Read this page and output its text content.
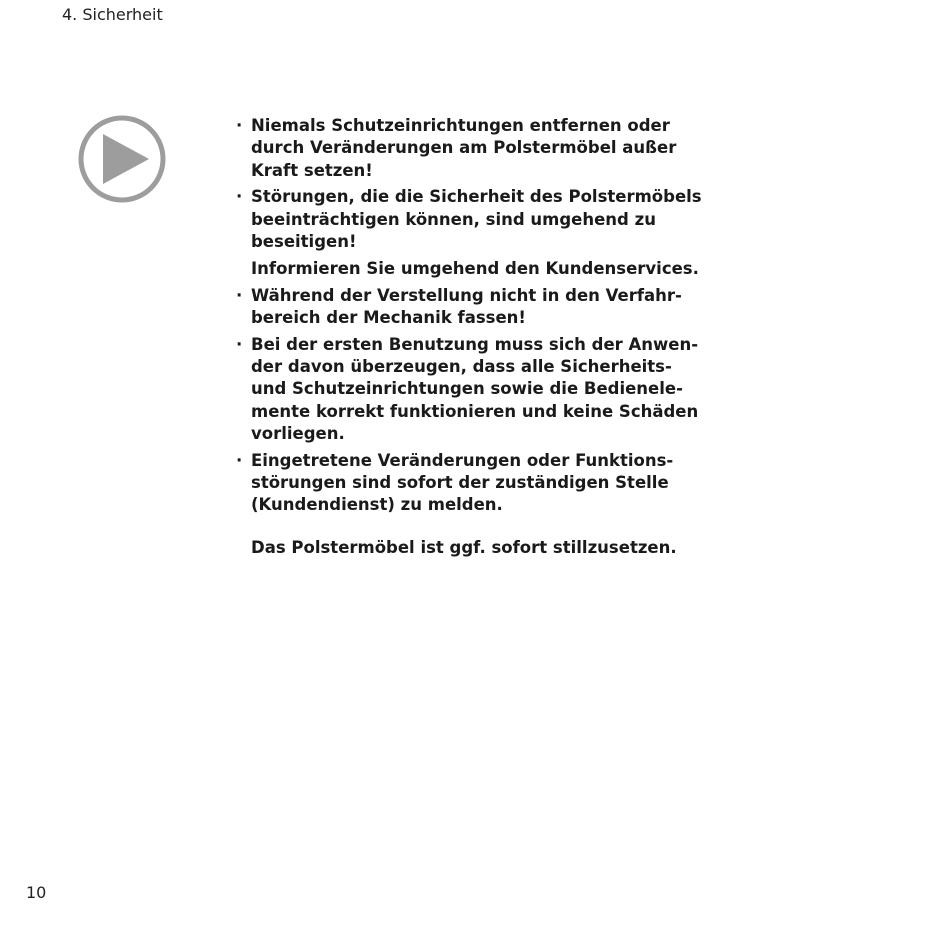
4. Sicherheit
· Niemals Schutzeinrichtungen entfernen oder durch Veränderungen am Polstermöbel außer Kraft setzen!
· Störungen, die die Sicherheit des Polstermöbels beeinträchtigen können, sind umgehend zu beseitigen!
Informieren Sie umgehend den Kundenservices.
· Während der Verstellung nicht in den Verfahr-bereich der Mechanik fassen!
· Bei der ersten Benutzung muss sich der Anwen-der davon überzeugen, dass alle Sicherheits- und Schutzeinrichtungen sowie die Bedienele-mente korrekt funktionieren und keine Schäden vorliegen.
· Eingetretene Veränderungen oder Funktions-störungen sind sofort der zuständigen Stelle (Kundendienst) zu melden.
Das Polstermöbel ist ggf. sofort stillzusetzen.
10
